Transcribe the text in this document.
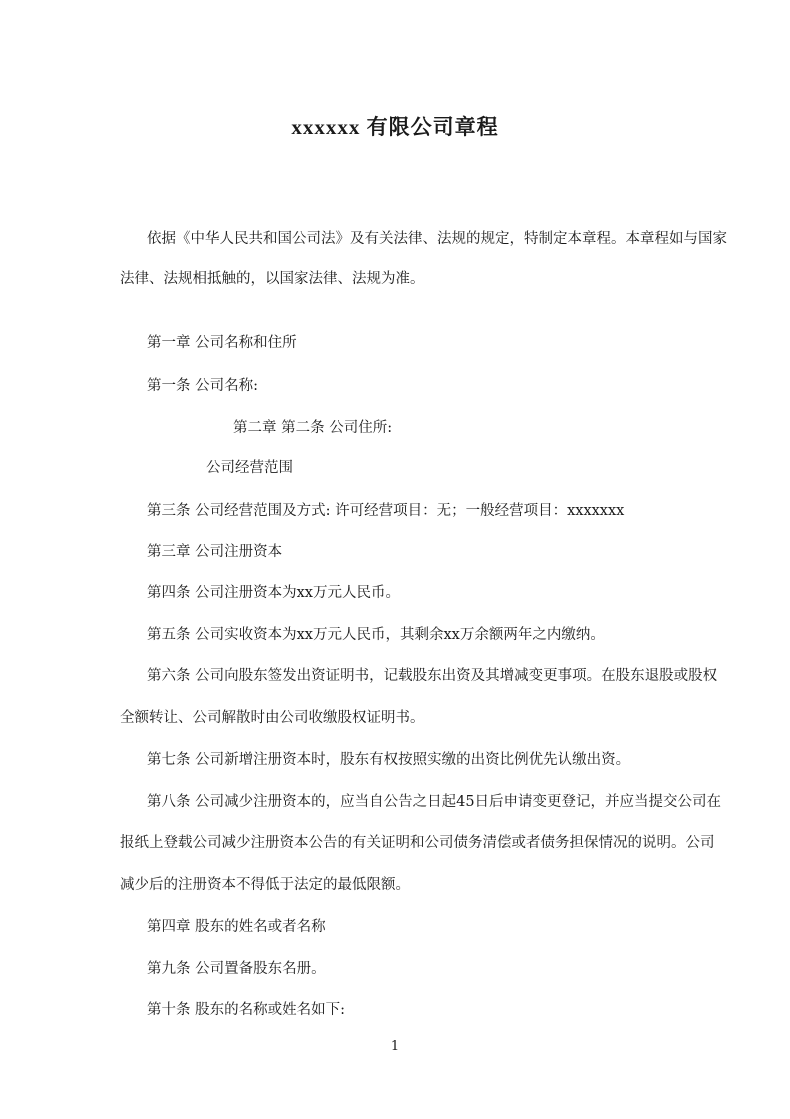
xxxxxx 有限公司章程
依据《中华人民共和国公司法》及有关法律、法规的规定，特制定本章程。本章程如与国家
法律、法规相抵触的，以国家法律、法规为准。
第一章 公司名称和住所
第一条 公司名称:
第二章 第二条 公司住所:
公司经营范围
第三条 公司经营范围及方式: 许可经营项目：无；一般经营项目：xxxxxxx
第三章 公司注册资本
第四条 公司注册资本为xx万元人民币。
第五条 公司实收资本为xx万元人民币，其剩余xx万余额两年之内缴纳。
第六条 公司向股东签发出资证明书，记载股东出资及其增减变更事项。在股东退股或股权
全额转让、公司解散时由公司收缴股权证明书。
第七条 公司新增注册资本时，股东有权按照实缴的出资比例优先认缴出资。
第八条 公司减少注册资本的，应当自公告之日起45日后申请变更登记，并应当提交公司在
报纸上登载公司减少注册资本公告的有关证明和公司债务清偿或者债务担保情况的说明。公司
减少后的注册资本不得低于法定的最低限额。
第四章 股东的姓名或者名称
第九条 公司置备股东名册。
第十条 股东的名称或姓名如下:
1
